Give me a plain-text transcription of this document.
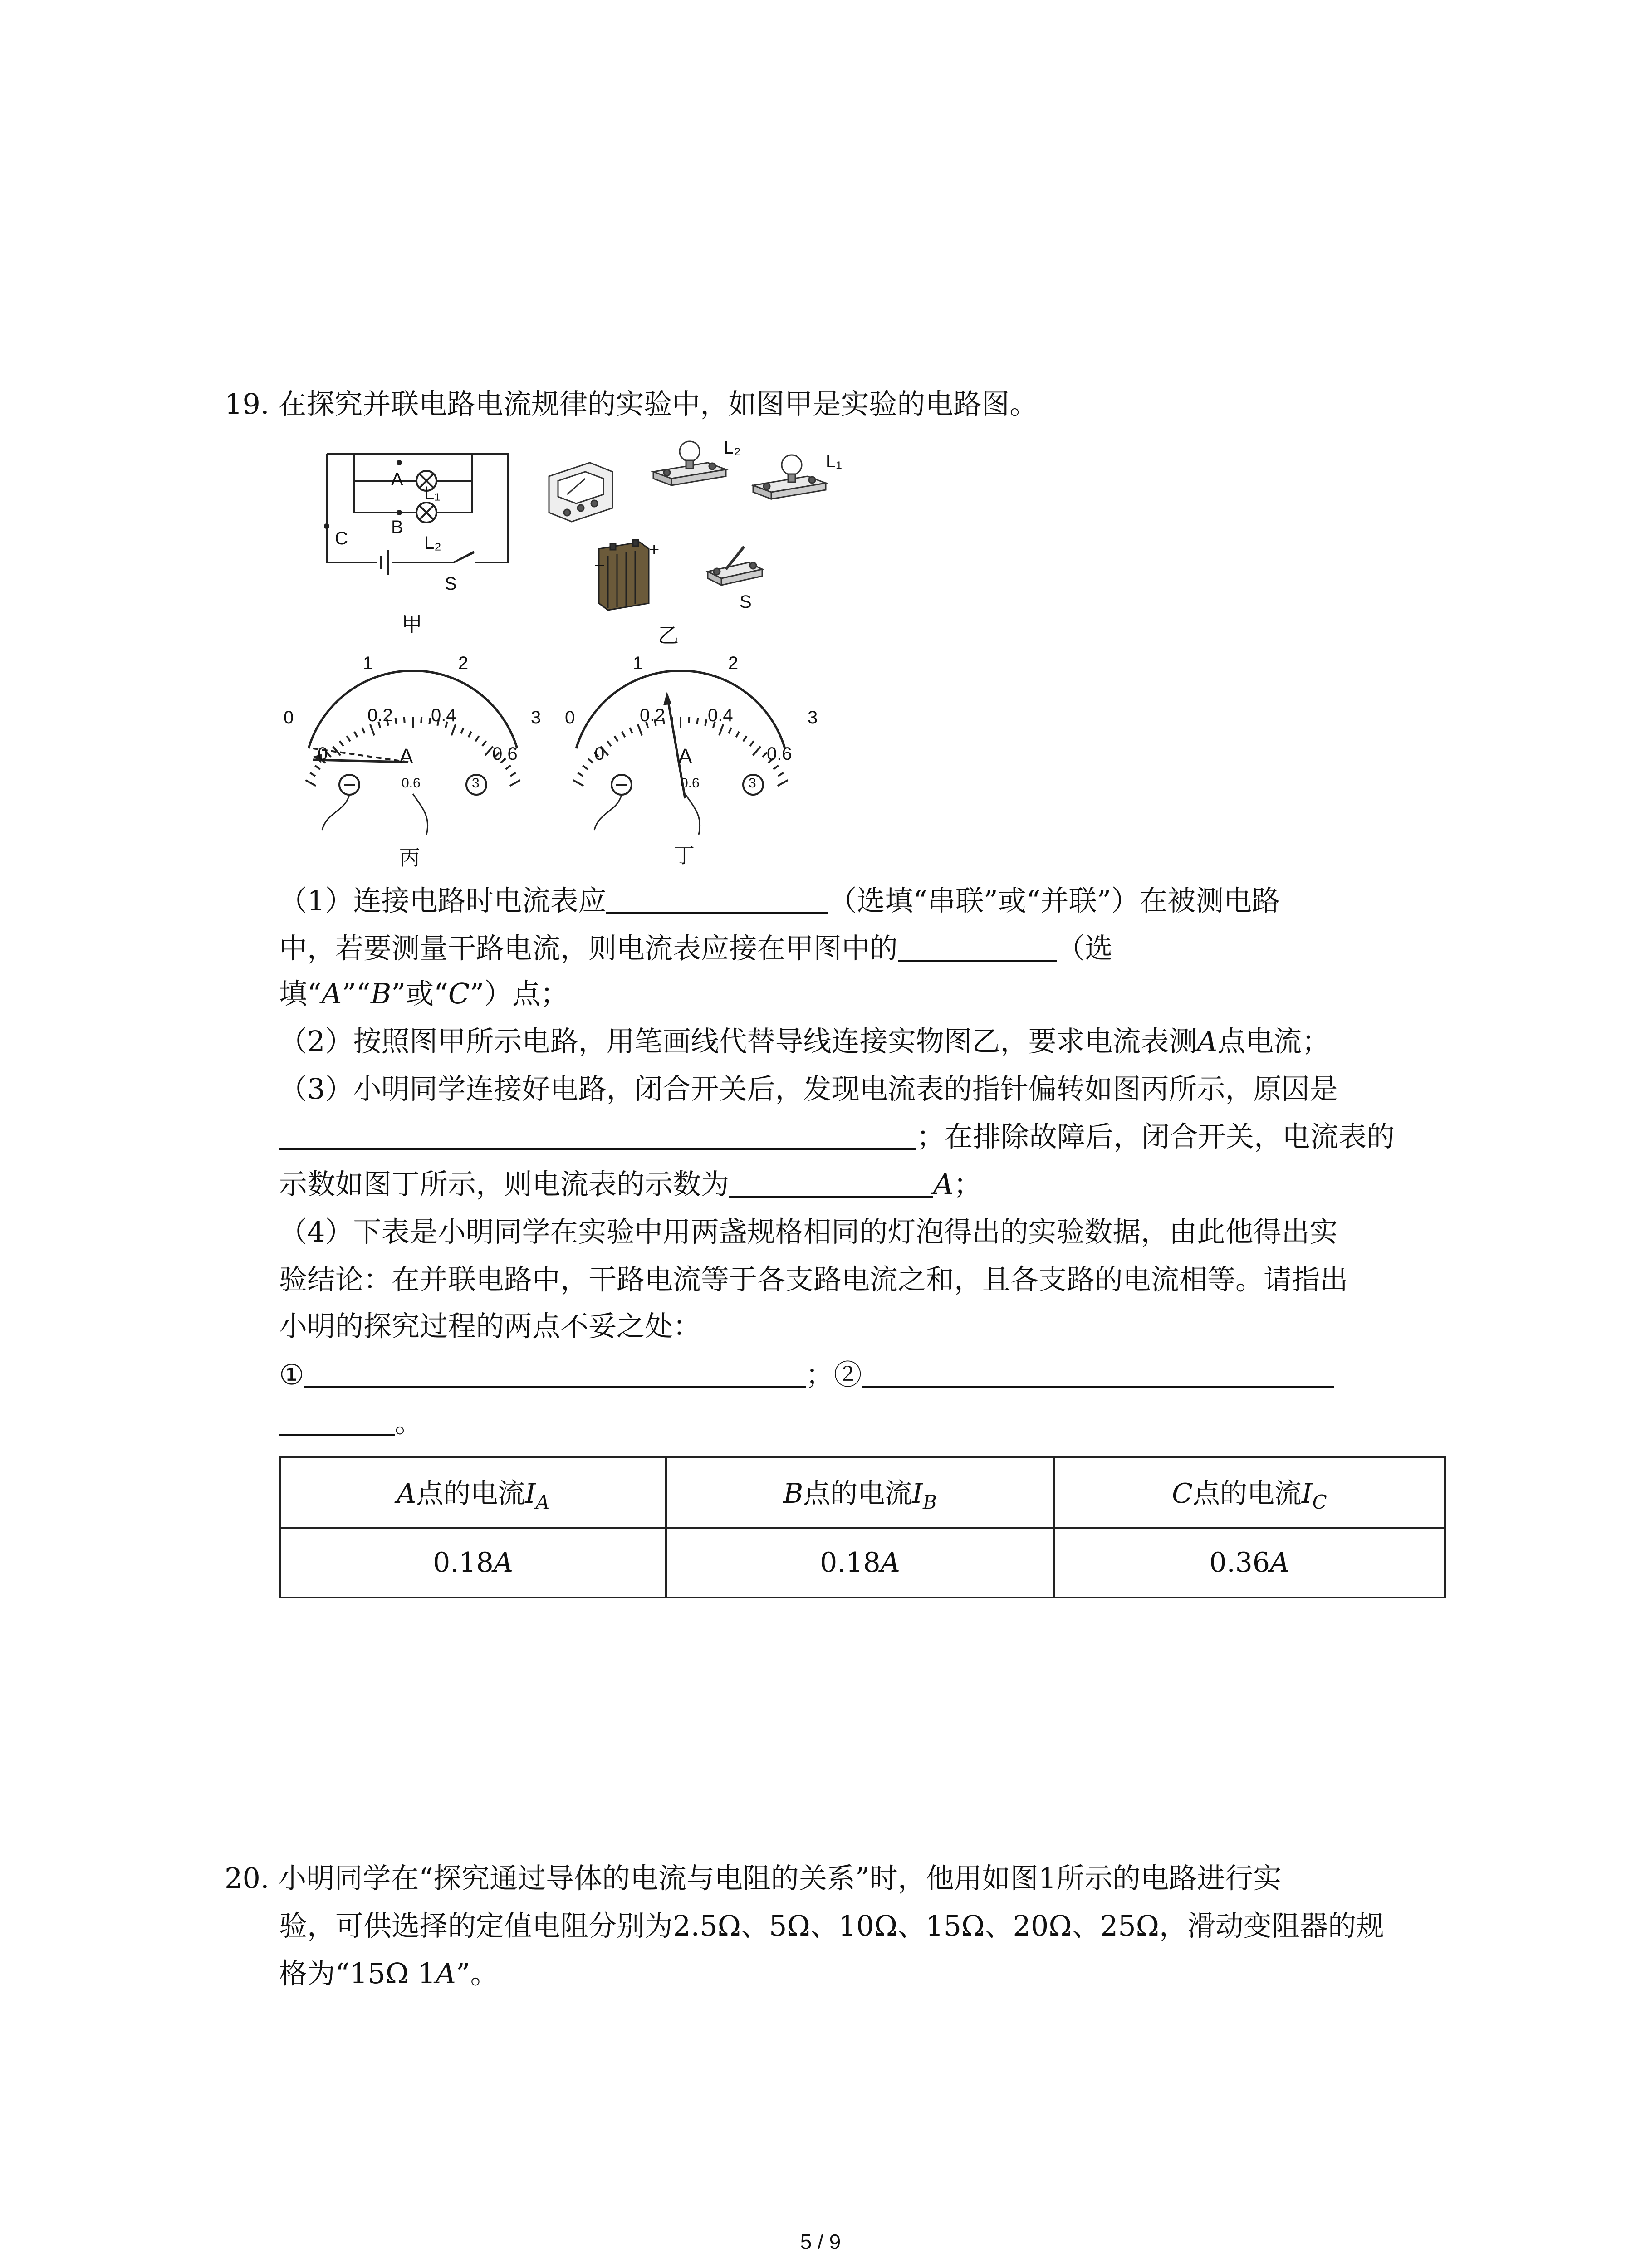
19. 在探究并联电路电流规律的实验中，如图甲是实验的电路图。
A
B
C
L₁
L₂
S
甲
L₂
L₁
−
+
S
乙
1	2
3
0	0.2 0.4
0.6
0	A
0.6	3
丙
1	2
3
0	0.2 0.4
0.6
0	A
0.6	3
丁
（1）连接电路时电流表应	（选填“串联”或“并联”）在被测电路
中，若要测量干路电流，则电流表应接在甲图中的	（选
填“A”“B”或“C”）点；
（2）按照图甲所示电路，用笔画线代替导线连接实物图乙，要求电流表测A点电流；
（3）小明同学连接好电路，闭合开关后，发现电流表的指针偏转如图丙所示，原因是
；在排除故障后，闭合开关，电流表的
示数如图丁所示，则电流表的示数为	A；
（4）下表是小明同学在实验中用两盏规格相同的灯泡得出的实验数据，由此他得出实
验结论：在并联电路中，干路电流等于各支路电流之和，且各支路的电流相等。请指出
小明的探究过程的两点不妥之处：
①	；②
。
A点的电流$I_A$	B点的电流$I_B$	C点的电流$I_C$
0.18A	0.18A	0.36A
20. 小明同学在“探究通过导体的电流与电阻的关系”时，他用如图1所示的电路进行实
验，可供选择的定值电阻分别为2.5Ω、5Ω、10Ω、15Ω、20Ω、25Ω，滑动变阻器的规
格为“15Ω 1A”。
5 / 9
